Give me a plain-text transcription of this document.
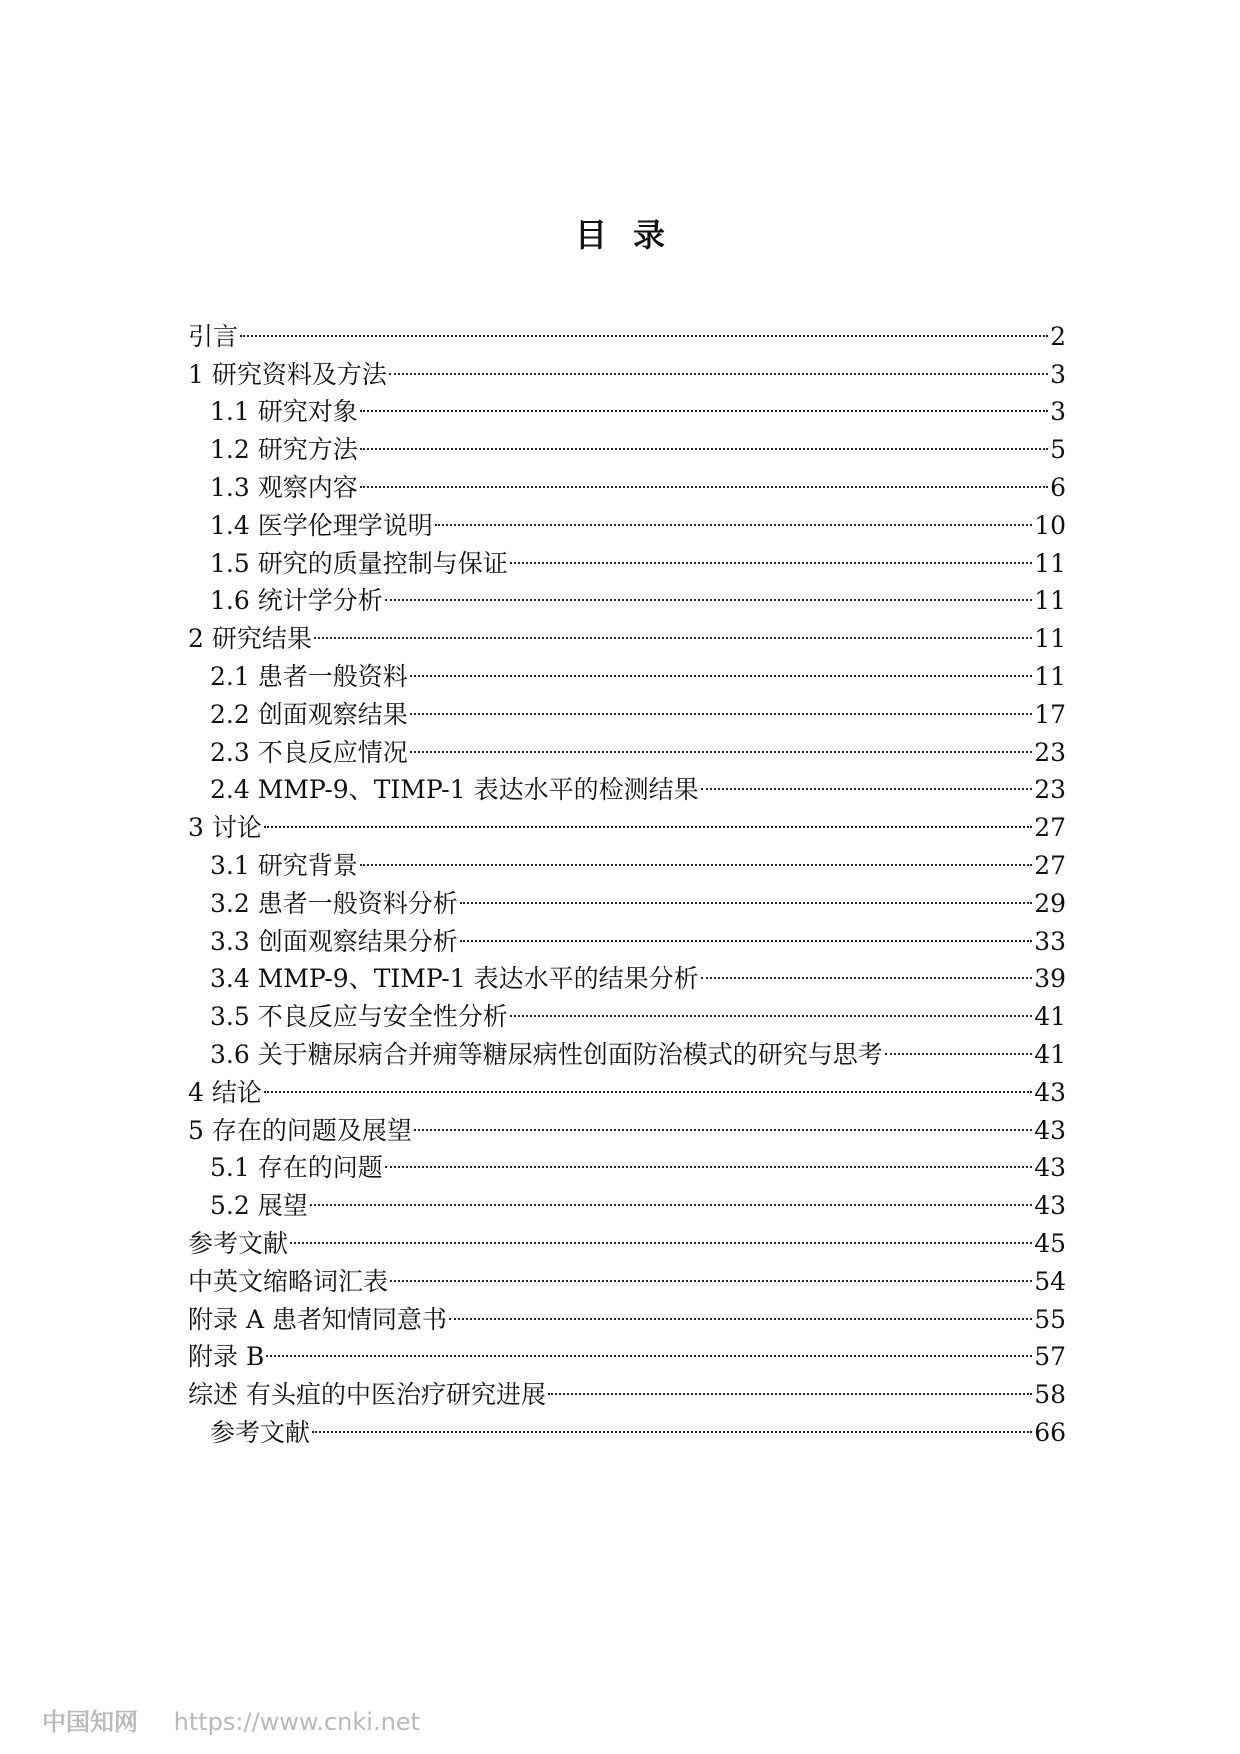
目 录
引言	2
1 研究资料及方法	3
1.1 研究对象	3
1.2 研究方法	5
1.3 观察内容	6
1.4 医学伦理学说明	10
1.5 研究的质量控制与保证	11
1.6 统计学分析	11
2 研究结果	11
2.1 患者一般资料	11
2.2 创面观察结果	17
2.3 不良反应情况	23
2.4 MMP-9、TIMP-1 表达水平的检测结果	23
3 讨论	27
3.1 研究背景	27
3.2 患者一般资料分析	29
3.3 创面观察结果分析	33
3.4 MMP-9、TIMP-1 表达水平的结果分析	39
3.5 不良反应与安全性分析	41
3.6 关于糖尿病合并痈等糖尿病性创面防治模式的研究与思考	41
4 结论	43
5 存在的问题及展望	43
5.1 存在的问题	43
5.2 展望	43
参考文献	45
中英文缩略词汇表	54
附录 A 患者知情同意书	55
附录 B	57
综述 有头疽的中医治疗研究进展	58
参考文献	66
中国知网 https://www.cnki.net
